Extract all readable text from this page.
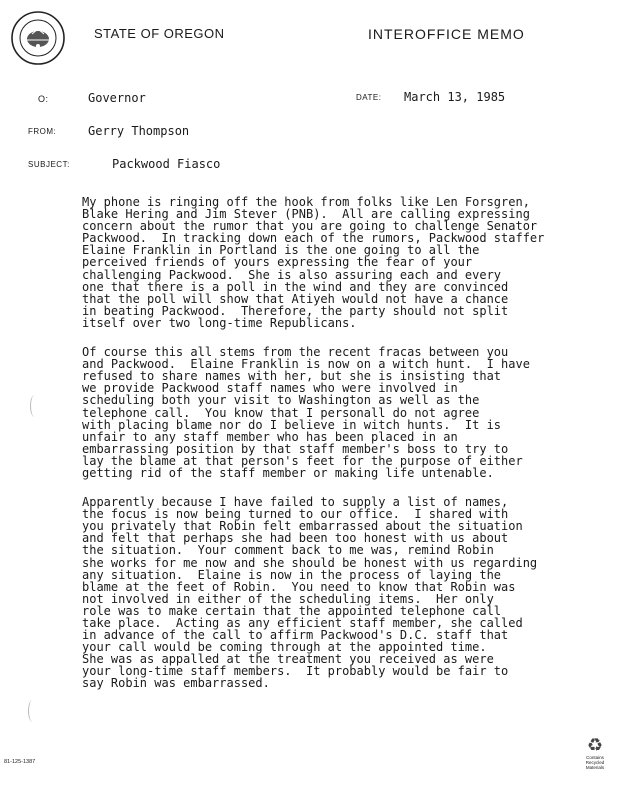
STATE OF OREGON	INTEROFFICE MEMO
O:	Governor	DATE: March 13, 1985
FROM:	Gerry Thompson
SUBJECT:	Packwood Fiasco
My phone is ringing off the hook from folks like Len Forsgren,
Blake Hering and Jim Stever (PNB).  All are calling expressing
concern about the rumor that you are going to challenge Senator
Packwood.  In tracking down each of the rumors, Packwood staffer
Elaine Franklin in Portland is the one going to all the
perceived friends of yours expressing the fear of your
challenging Packwood.  She is also assuring each and every
one that there is a poll in the wind and they are convinced
that the poll will show that Atiyeh would not have a chance
in beating Packwood.  Therefore, the party should not split
itself over two long-time Republicans.
Of course this all stems from the recent fracas between you
and Packwood.  Elaine Franklin is now on a witch hunt.  I have
refused to share names with her, but she is insisting that
we provide Packwood staff names who were involved in
scheduling both your visit to Washington as well as the
telephone call.  You know that I personall do not agree
with placing blame nor do I believe in witch hunts.  It is
unfair to any staff member who has been placed in an
embarrassing position by that staff member's boss to try to
lay the blame at that person's feet for the purpose of either
getting rid of the staff member or making life untenable.
Apparently because I have failed to supply a list of names,
the focus is now being turned to our office.  I shared with
you privately that Robin felt embarrassed about the situation
and felt that perhaps she had been too honest with us about
the situation.  Your comment back to me was, remind Robin
she works for me now and she should be honest with us regarding
any situation.  Elaine is now in the process of laying the
blame at the feet of Robin.  You need to know that Robin was
not involved in either of the scheduling items.  Her only
role was to make certain that the appointed telephone call
take place.  Acting as any efficient staff member, she called
in advance of the call to affirm Packwood's D.C. staff that
your call would be coming through at the appointed time.
She was as appalled at the treatment you received as were
your long-time staff members.  It probably would be fair to
say Robin was embarrassed.
81-125-1387
♻
Contains Recycled Materials
